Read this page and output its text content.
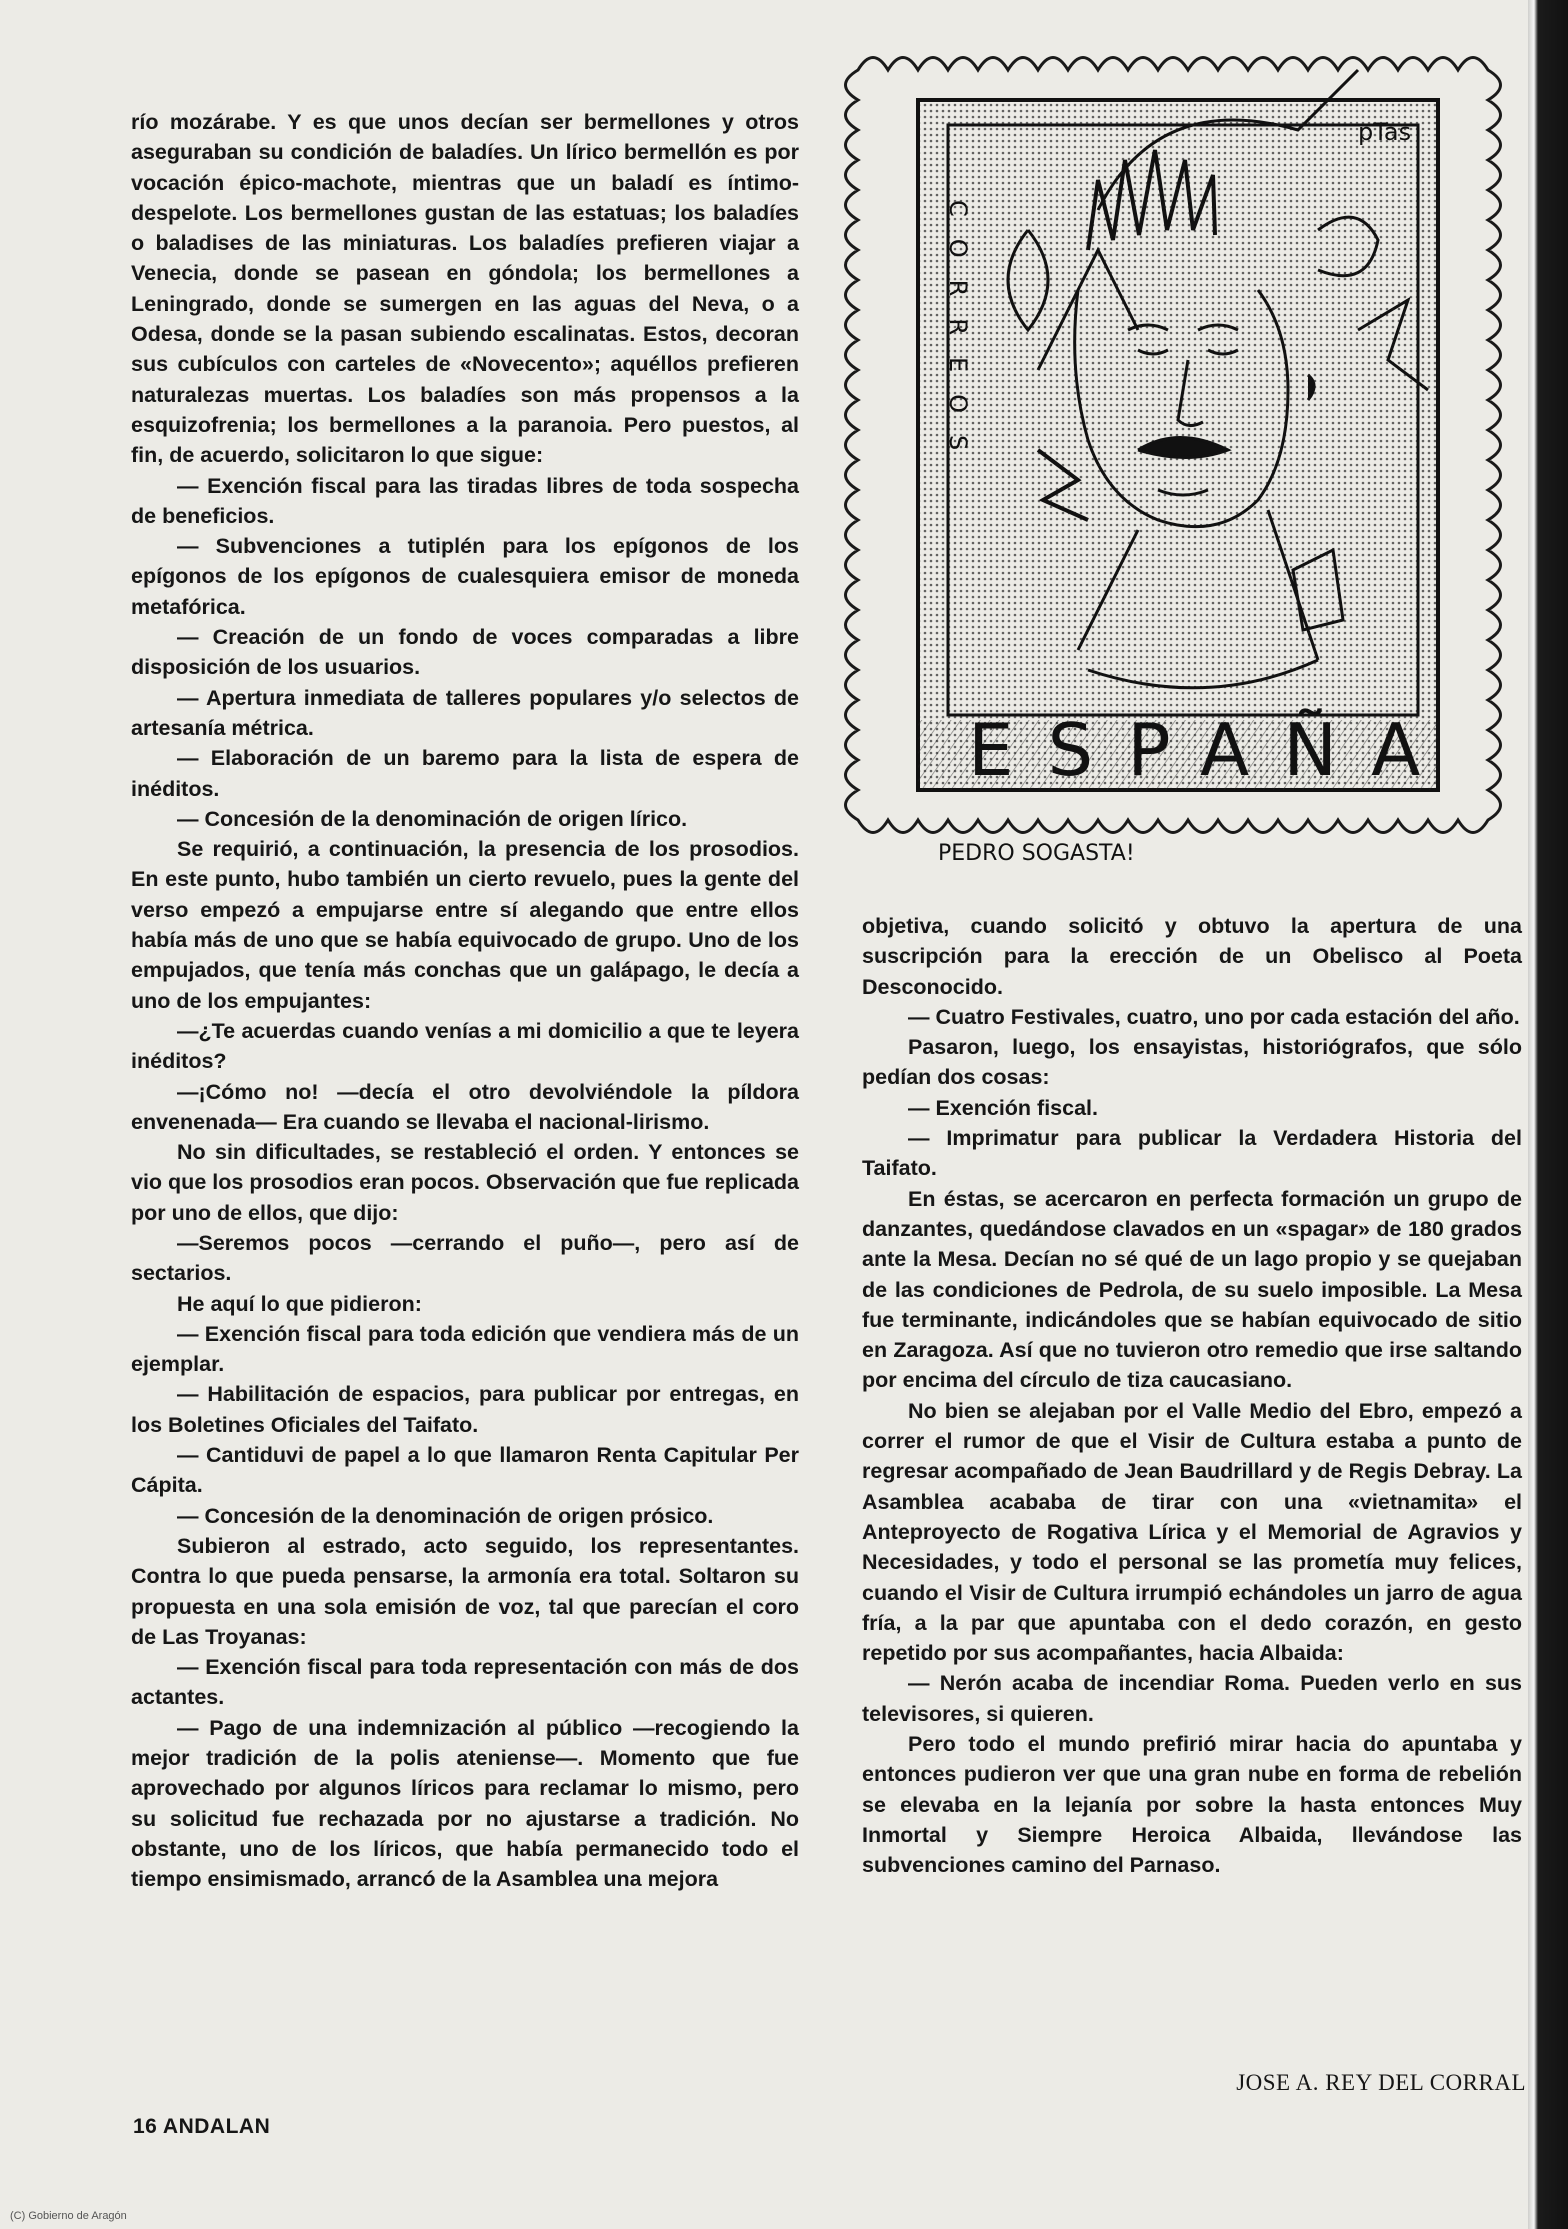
río mozárabe. Y es que unos decían ser bermellones y otros aseguraban su condición de baladíes. Un lírico bermellón es por vocación épico-machote, mientras que un baladí es íntimo-despelote. Los bermellones gustan de las estatuas; los baladíes o baladises de las miniaturas. Los baladíes prefieren viajar a Venecia, donde se pasean en góndola; los bermellones a Leningrado, donde se sumergen en las aguas del Neva, o a Odesa, donde se la pasan subiendo escalinatas. Estos, decoran sus cubículos con carteles de «Novecento»; aquéllos prefieren naturalezas muertas. Los baladíes son más propensos a la esquizofrenia; los bermellones a la paranoia. Pero puestos, al fin, de acuerdo, solicitaron lo que sigue:

— Exención fiscal para las tiradas libres de toda sospecha de beneficios.

— Subvenciones a tutiplén para los epígonos de los epígonos de los epígonos de cualesquiera emisor de moneda metafórica.

— Creación de un fondo de voces comparadas a libre disposición de los usuarios.

— Apertura inmediata de talleres populares y/o selectos de artesanía métrica.

— Elaboración de un baremo para la lista de espera de inéditos.

— Concesión de la denominación de origen lírico.

Se requirió, a continuación, la presencia de los prosodios. En este punto, hubo también un cierto revuelo, pues la gente del verso empezó a empujarse entre sí alegando que entre ellos había más de uno que se había equivocado de grupo. Uno de los empujados, que tenía más conchas que un galápago, le decía a uno de los empujantes:

—¿Te acuerdas cuando venías a mi domicilio a que te leyera inéditos?

—¡Cómo no! —decía el otro devolviéndole la píldora envenenada— Era cuando se llevaba el nacional-lirismo.

No sin dificultades, se restableció el orden. Y entonces se vio que los prosodios eran pocos. Observación que fue replicada por uno de ellos, que dijo:

—Seremos pocos —cerrando el puño—, pero así de sectarios.

He aquí lo que pidieron:

— Exención fiscal para toda edición que vendiera más de un ejemplar.

— Habilitación de espacios, para publicar por entregas, en los Boletines Oficiales del Taifato.

— Cantiduvi de papel a lo que llamaron Renta Capitular Per Cápita.

— Concesión de la denominación de origen prósico.

Subieron al estrado, acto seguido, los representantes. Contra lo que pueda pensarse, la armonía era total. Soltaron su propuesta en una sola emisión de voz, tal que parecían el coro de Las Troyanas:

— Exención fiscal para toda representación con más de dos actantes.

— Pago de una indemnización al público —recogiendo la mejor tradición de la polis ateniense—. Momento que fue aprovechado por algunos líricos para reclamar lo mismo, pero su solicitud fue rechazada por no ajustarse a tradición. No obstante, uno de los líricos, que había permanecido todo el tiempo ensimismado, arrancó de la Asamblea una mejora

ESPAÑA
pTas
CORREOS
PEDRO SOGASTA!

objetiva, cuando solicitó y obtuvo la apertura de una suscripción para la erección de un Obelisco al Poeta Desconocido.

— Cuatro Festivales, cuatro, uno por cada estación del año.

Pasaron, luego, los ensayistas, historiógrafos, que sólo pedían dos cosas:

— Exención fiscal.

— Imprimatur para publicar la Verdadera Historia del Taifato.

En éstas, se acercaron en perfecta formación un grupo de danzantes, quedándose clavados en un «spagar» de 180 grados ante la Mesa. Decían no sé qué de un lago propio y se quejaban de las condiciones de Pedrola, de su suelo imposible. La Mesa fue terminante, indicándoles que se habían equivocado de sitio en Zaragoza. Así que no tuvieron otro remedio que irse saltando por encima del círculo de tiza caucasiano.

No bien se alejaban por el Valle Medio del Ebro, empezó a correr el rumor de que el Visir de Cultura estaba a punto de regresar acompañado de Jean Baudrillard y de Regis Debray. La Asamblea acababa de tirar con una «vietnamita» el Anteproyecto de Rogativa Lírica y el Memorial de Agravios y Necesidades, y todo el personal se las prometía muy felices, cuando el Visir de Cultura irrumpió echándoles un jarro de agua fría, a la par que apuntaba con el dedo corazón, en gesto repetido por sus acompañantes, hacia Albaida:

— Nerón acaba de incendiar Roma. Pueden verlo en sus televisores, si quieren.

Pero todo el mundo prefirió mirar hacia do apuntaba y entonces pudieron ver que una gran nube en forma de rebelión se elevaba en la lejanía por sobre la hasta entonces Muy Inmortal y Siempre Heroica Albaida, llevándose las subvenciones camino del Parnaso.

JOSE A. REY DEL CORRAL
16 ANDALAN
(C) Gobierno de Aragón
